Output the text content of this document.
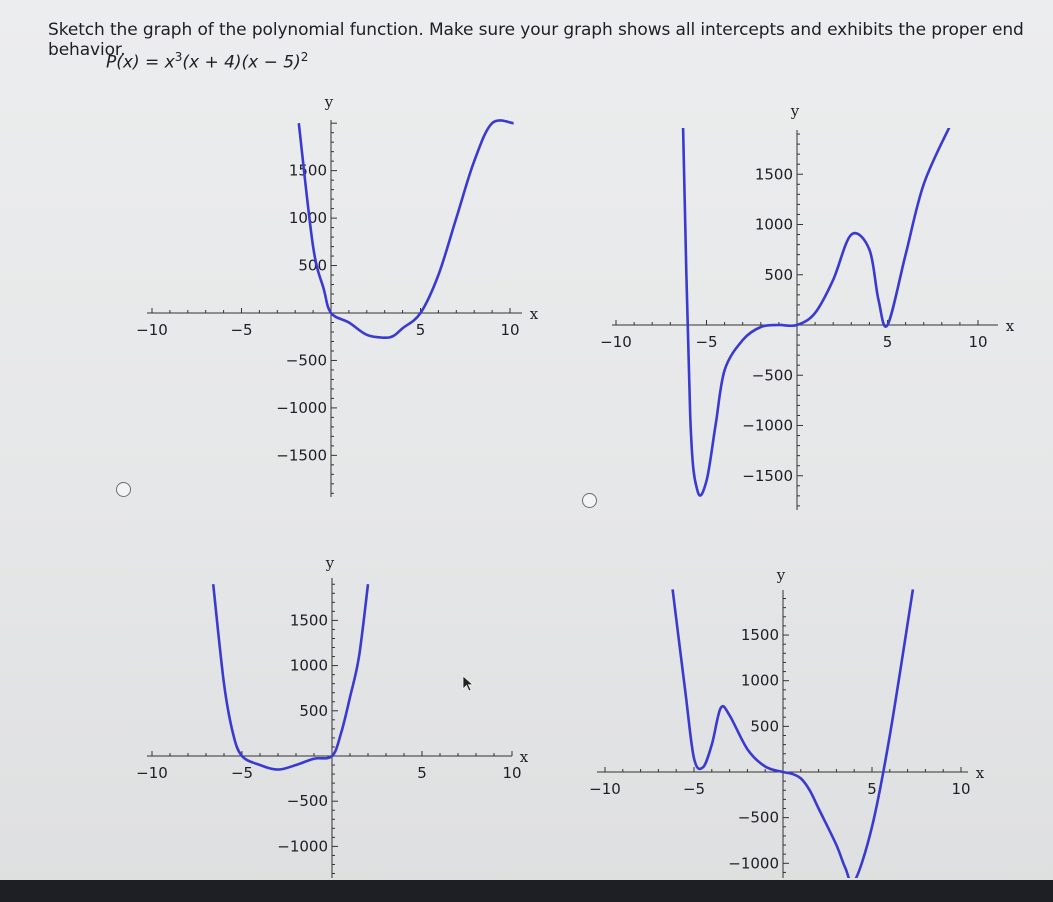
Sketch the graph of the polynomial function. Make sure your graph shows all intercepts and exhibits the proper end behavior.
$P(x) = x^3(x + 4)(x - 5)^2$
−10	−5	5	10
−1500
−1000
−500
500
1000
1500
x
y
−10	−5	5	10
−1500
−1000
−500
500
1000
1500
x
y
−10	−5	5	10
−1000
−500
500
1000
1500
x
y
−10	−5	5	10
−1000
−500
500
1000
1500
x
y
